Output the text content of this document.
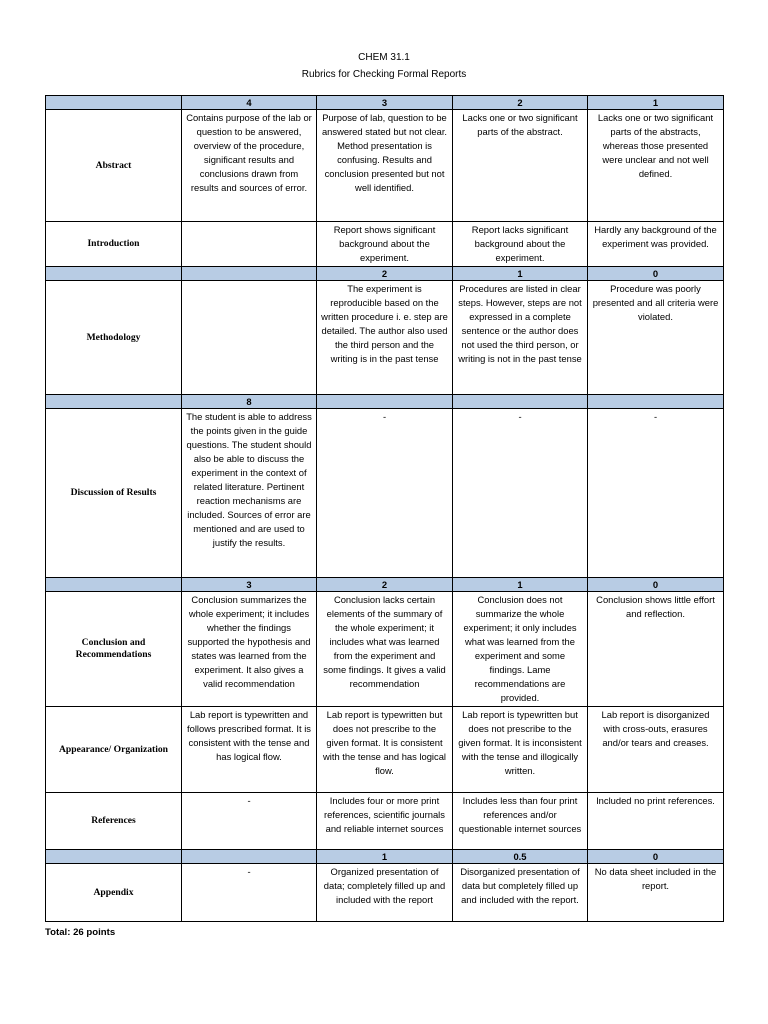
CHEM 31.1
Rubrics for Checking Formal Reports
	4	3	2	1
Abstract	Contains purpose of the lab or question to be answered, overview of the procedure, significant results and conclusions drawn from results and sources of error.	Purpose of lab, question to be answered stated but not clear. Method presentation is confusing. Results and conclusion presented but not well identified.	Lacks one or two significant parts of the abstract.	Lacks one or two significant parts of the abstracts, whereas those presented were unclear and not well defined.
Introduction		Report shows significant background about the experiment.	Report lacks significant background about the experiment.	Hardly any background of the experiment was provided.
		2	1	0
Methodology		The experiment is reproducible based on the written procedure i. e. step are detailed. The author also used the third person and the writing is in the past tense	Procedures are listed in clear steps. However, steps are not expressed in a complete sentence or the author does not used the third person, or writing is not in the past tense	Procedure was poorly presented and all criteria were violated.
	8			
Discussion of Results	The student is able to address the points given in the guide questions. The student should also be able to discuss the experiment in the context of related literature. Pertinent reaction mechanisms are included. Sources of error are mentioned and are used to justify the results.	-	-	-
	3	2	1	0
Conclusion and Recommendations	Conclusion summarizes the whole experiment; it includes whether the findings supported the hypothesis and states was learned from the experiment. It also gives a valid recommendation	Conclusion lacks certain elements of the summary of the whole experiment; it includes what was learned from the experiment and some findings. It gives a valid recommendation	Conclusion does not summarize the whole experiment; it only includes what was learned from the experiment and some findings. Lame recommendations are provided.	Conclusion shows little effort and reflection.
Appearance/ Organization	Lab report is typewritten and follows prescribed format. It is consistent with the tense and has logical flow.	Lab report is typewritten but does not prescribe to the given format. It is consistent with the tense and has logical flow.	Lab report is typewritten but does not prescribe to the given format. It is inconsistent with the tense and illogically written.	Lab report is disorganized with cross-outs, erasures and/or tears and creases.
References	-	Includes four or more print references, scientific journals and reliable internet sources	Includes less than four print references and/or questionable internet sources	Included no print references.
		1	0.5	0
Appendix	-	Organized presentation of data; completely filled up and included with the report	Disorganized presentation of data but completely filled up and included with the report.	No data sheet included in the report.
Total: 26 points
